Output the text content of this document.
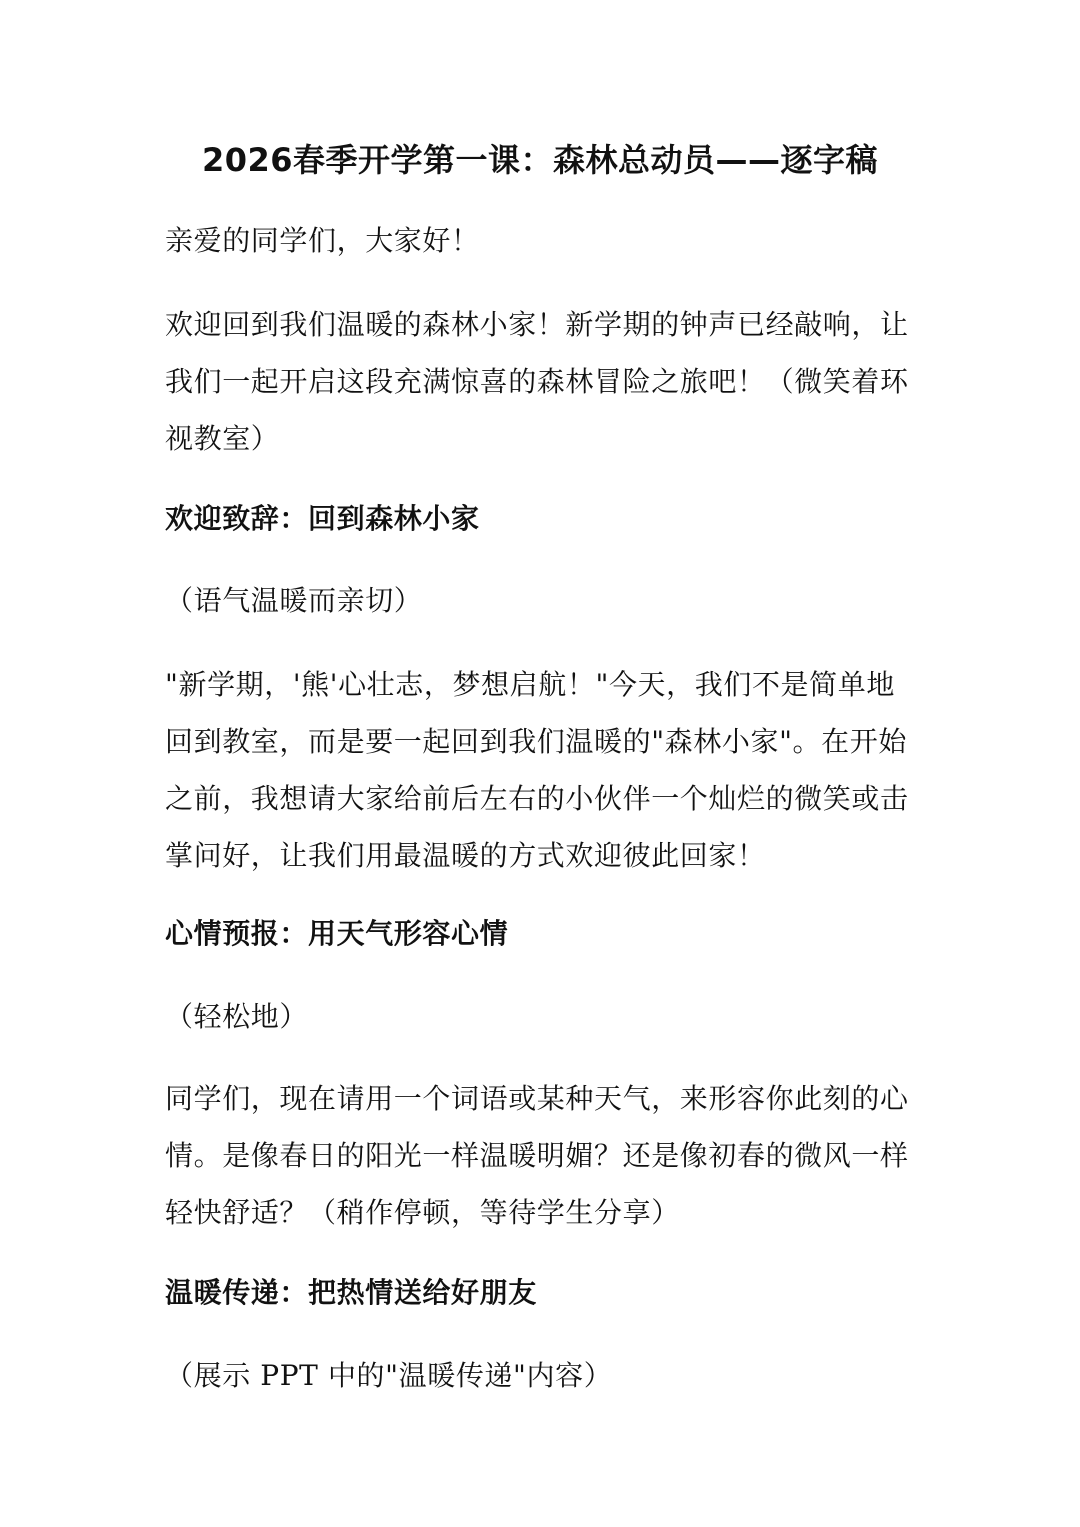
2026春季开学第一课：森林总动员——逐字稿
亲爱的同学们，大家好！
欢迎回到我们温暖的森林小家！新学期的钟声已经敲响，让我们一起开启这段充满惊喜的森林冒险之旅吧！（微笑着环视教室）
欢迎致辞：回到森林小家
（语气温暖而亲切）
"新学期，'熊'心壮志，梦想启航！"今天，我们不是简单地回到教室，而是要一起回到我们温暖的"森林小家"。在开始之前，我想请大家给前后左右的小伙伴一个灿烂的微笑或击掌问好，让我们用最温暖的方式欢迎彼此回家！
心情预报：用天气形容心情
（轻松地）
同学们，现在请用一个词语或某种天气，来形容你此刻的心情。是像春日的阳光一样温暖明媚？还是像初春的微风一样轻快舒适？（稍作停顿，等待学生分享）
温暖传递：把热情送给好朋友
（展示 PPT 中的"温暖传递"内容）
